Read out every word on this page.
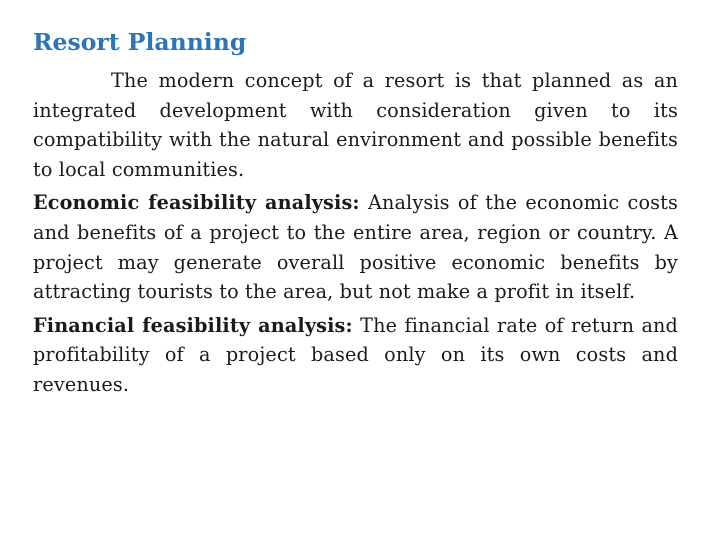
Resort Planning

The modern concept of a resort is that planned as an integrated development with consideration given to its compatibility with the natural environment and possible benefits to local communities.

Economic feasibility analysis: Analysis of the economic costs and benefits of a project to the entire area, region or country. A project may generate overall positive economic benefits by attracting tourists to the area, but not make a profit in itself.

Financial feasibility analysis: The financial rate of return and profitability of a project based only on its own costs and revenues.
